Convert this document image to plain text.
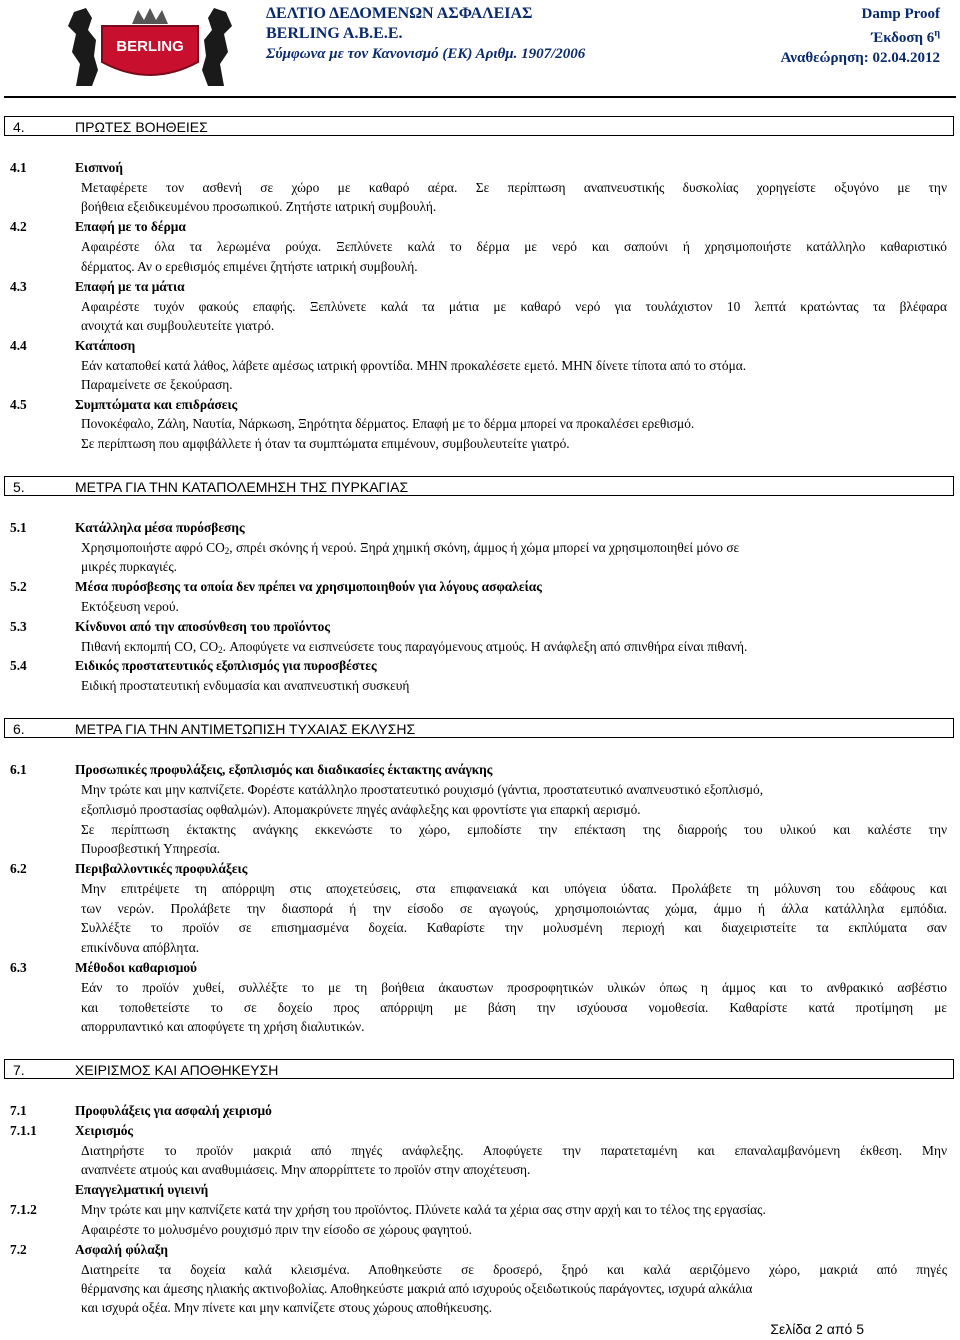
BERLING
ΔΕΛΤΙΟ ΔΕΔΟΜΕΝΩΝ ΑΣΦΑΛΕΙΑΣ
BERLING A.B.E.E.
Σύμφωνα με τον Κανονισμό (ΕΚ) Αριθμ. 1907/2006
Damp Proof
Έκδοση $6^\eta$
Αναθεώρηση: 02.04.2012
4.	ΠΡΩΤΕΣ ΒΟΗΘΕΙΕΣ
4.1	Εισπνοή
Μεταφέρετε τον ασθενή σε χώρο με καθαρό αέρα. Σε περίπτωση αναπνευστικής δυσκολίας χορηγείστε οξυγόνο με την
βοήθεια εξειδικευμένου προσωπικού. Ζητήστε ιατρική συμβουλή.
4.2	Επαφή με το δέρμα
Αφαιρέστε όλα τα λερωμένα ρούχα. Ξεπλύνετε καλά το δέρμα με νερό και σαπούνι ή χρησιμοποιήστε κατάλληλο καθαριστικό
δέρματος. Αν ο ερεθισμός επιμένει ζητήστε ιατρική συμβουλή.
4.3	Επαφή με τα μάτια
Αφαιρέστε τυχόν φακούς επαφής. Ξεπλύνετε καλά τα μάτια με καθαρό νερό για τουλάχιστον 10 λεπτά κρατώντας τα βλέφαρα
ανοιχτά και συμβουλευτείτε γιατρό.
4.4	Κατάποση
Εάν καταποθεί κατά λάθος, λάβετε αμέσως ιατρική φροντίδα. ΜΗΝ προκαλέσετε εμετό. ΜΗΝ δίνετε τίποτα από το στόμα.
Παραμείνετε σε ξεκούραση.
4.5	Συμπτώματα και επιδράσεις
Πονοκέφαλο, Ζάλη, Ναυτία, Νάρκωση, Ξηρότητα δέρματος. Επαφή με το δέρμα μπορεί να προκαλέσει ερεθισμό.
Σε περίπτωση που αμφιβάλλετε ή όταν τα συμπτώματα επιμένουν, συμβουλευτείτε γιατρό.
5.	ΜΕΤΡΑ ΓΙΑ ΤΗΝ ΚΑΤΑΠΟΛΕΜΗΣΗ ΤΗΣ ΠΥΡΚΑΓΙΑΣ
5.1	Κατάλληλα μέσα πυρόσβεσης
Χρησιμοποιήστε αφρό $CO_2$, σπρέι σκόνης ή νερού. Ξηρά χημική σκόνη, άμμος ή χώμα μπορεί να χρησιμοποιηθεί μόνο σε
μικρές πυρκαγιές.
5.2	Μέσα πυρόσβεσης τα οποία δεν πρέπει να χρησιμοποιηθούν για λόγους ασφαλείας
Εκτόξευση νερού.
5.3	Κίνδυνοι από την αποσύνθεση του προϊόντος
Πιθανή εκπομπή CO, $CO_2$. Αποφύγετε να εισπνεύσετε τους παραγόμενους ατμούς. Η ανάφλεξη από σπινθήρα είναι πιθανή.
5.4	Ειδικός προστατευτικός εξοπλισμός για πυροσβέστες
Ειδική προστατευτική ενδυμασία και αναπνευστική συσκευή
6.	ΜΕΤΡΑ ΓΙΑ ΤΗΝ ΑΝΤΙΜΕΤΩΠΙΣΗ ΤΥΧΑΙΑΣ ΕΚΛΥΣΗΣ
6.1	Προσωπικές προφυλάξεις, εξοπλισμός και διαδικασίες έκτακτης ανάγκης
Μην τρώτε και μην καπνίζετε. Φορέστε κατάλληλο προστατευτικό ρουχισμό (γάντια, προστατευτικό αναπνευστικό εξοπλισμό,
εξοπλισμό προστασίας οφθαλμών). Απομακρύνετε πηγές ανάφλεξης και φροντίστε για επαρκή αερισμό.
Σε περίπτωση έκτακτης ανάγκης εκκενώστε το χώρο, εμποδίστε την επέκταση της διαρροής του υλικού και καλέστε την
Πυροσβεστική Υπηρεσία.
6.2	Περιβαλλοντικές προφυλάξεις
Μην επιτρέψετε τη απόρριψη στις αποχετεύσεις, στα επιφανειακά και υπόγεια ύδατα. Προλάβετε τη μόλυνση του εδάφους και
των νερών. Προλάβετε την διασπορά ή την είσοδο σε αγωγούς, χρησιμοποιώντας χώμα, άμμο ή άλλα κατάλληλα εμπόδια.
Συλλέξτε το προϊόν σε επισημασμένα δοχεία. Καθαρίστε την μολυσμένη περιοχή και διαχειριστείτε τα εκπλύματα σαν
επικίνδυνα απόβλητα.
6.3	Μέθοδοι καθαρισμού
Εάν το προϊόν χυθεί, συλλέξτε το με τη βοήθεια άκαυστων προσροφητικών υλικών όπως η άμμος και το ανθρακικό ασβέστιο
και τοποθετείστε το σε δοχείο προς απόρριψη με βάση την ισχύουσα νομοθεσία. Καθαρίστε κατά προτίμηση με
απορρυπαντικό και αποφύγετε τη χρήση διαλυτικών.
7.	ΧΕΙΡΙΣΜΟΣ ΚΑΙ ΑΠΟΘΗΚΕΥΣΗ
7.1	Προφυλάξεις για ασφαλή χειρισμό
7.1.1	Χειρισμός
Διατηρήστε το προϊόν μακριά από πηγές ανάφλεξης. Αποφύγετε την παρατεταμένη και επαναλαμβανόμενη έκθεση. Μην
αναπνέετε ατμούς και αναθυμιάσεις. Μην απορρίπτετε το προϊόν στην αποχέτευση.
Επαγγελματική υγιεινή
7.1.2	Μην τρώτε και μην καπνίζετε κατά την χρήση του προϊόντος. Πλύνετε καλά τα χέρια σας στην αρχή και το τέλος της εργασίας.
Αφαιρέστε το μολυσμένο ρουχισμό πριν την είσοδο σε χώρους φαγητού.
7.2	Ασφαλή φύλαξη
Διατηρείτε τα δοχεία καλά κλεισμένα. Αποθηκεύστε σε δροσερό, ξηρό και καλά αεριζόμενο χώρο, μακριά από πηγές
θέρμανσης και άμεσης ηλιακής ακτινοβολίας. Αποθηκεύστε μακριά από ισχυρούς οξειδωτικούς παράγοντες, ισχυρά αλκάλια
και ισχυρά οξέα. Μην πίνετε και μην καπνίζετε στους χώρους αποθήκευσης.
Σελίδα 2 από 5
